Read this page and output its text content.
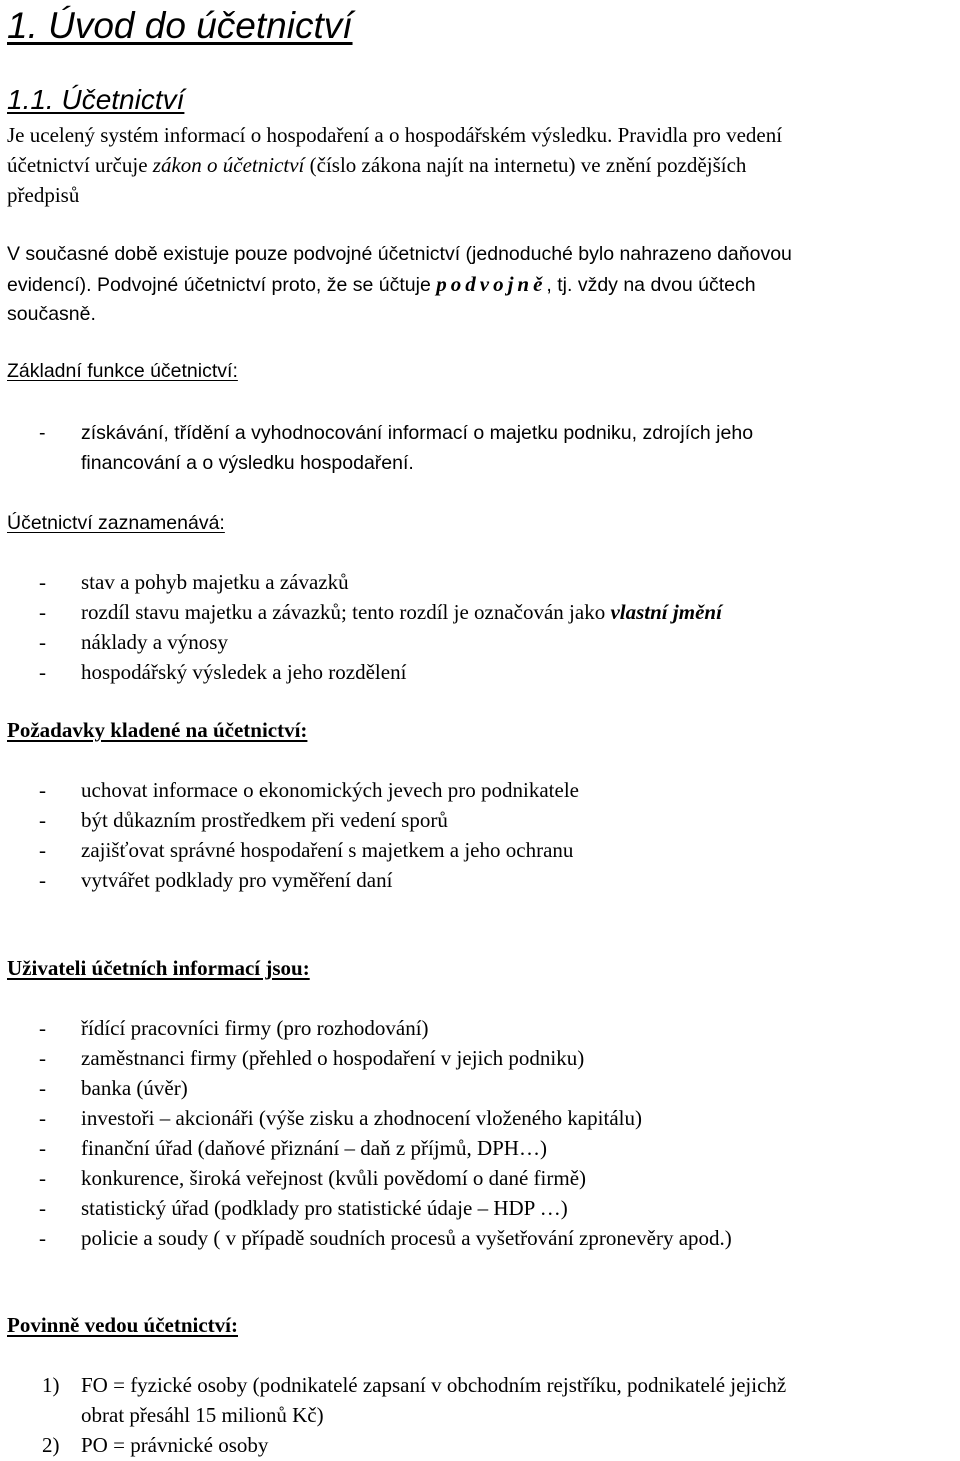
1. Úvod do účetnictví
1.1. Účetnictví
Je ucelený systém informací o hospodaření a o hospodářském výsledku. Pravidla pro vedení
účetnictví určuje zákon o účetnictví (číslo zákona najít na internetu) ve znění pozdějších
předpisů
V současné době existuje pouze podvojné účetnictví (jednoduché bylo nahrazeno daňovou
evidencí). Podvojné účetnictví proto, že se účtuje podvojně, tj. vždy na dvou účtech
současně.
Základní funkce účetnictví:
- získávání, třídění a vyhodnocování informací o majetku podniku, zdrojích jeho
financování a o výsledku hospodaření.
Účetnictví zaznamenává:
- stav a pohyb majetku a závazků
- rozdíl stavu majetku a závazků; tento rozdíl je označován jako vlastní jmění
- náklady a výnosy
- hospodářský výsledek a jeho rozdělení
Požadavky kladené na účetnictví:
- uchovat informace o ekonomických jevech pro podnikatele
- být důkazním prostředkem při vedení sporů
- zajišťovat správné hospodaření s majetkem a jeho ochranu
- vytvářet podklady pro vyměření daní
Uživateli účetních informací jsou:
- řídící pracovníci firmy (pro rozhodování)
- zaměstnanci firmy (přehled o hospodaření v jejich podniku)
- banka (úvěr)
- investoři – akcionáři (výše zisku a zhodnocení vloženého kapitálu)
- finanční úřad (daňové přiznání – daň z příjmů, DPH…)
- konkurence, široká veřejnost (kvůli povědomí o dané firmě)
- statistický úřad (podklady pro statistické údaje – HDP …)
- policie a soudy ( v případě soudních procesů a vyšetřování zpronevěry apod.)
Povinně vedou účetnictví:
1) FO = fyzické osoby (podnikatelé zapsaní v obchodním rejstříku, podnikatelé jejichž
obrat přesáhl 15 milionů Kč)
2) PO = právnické osoby
